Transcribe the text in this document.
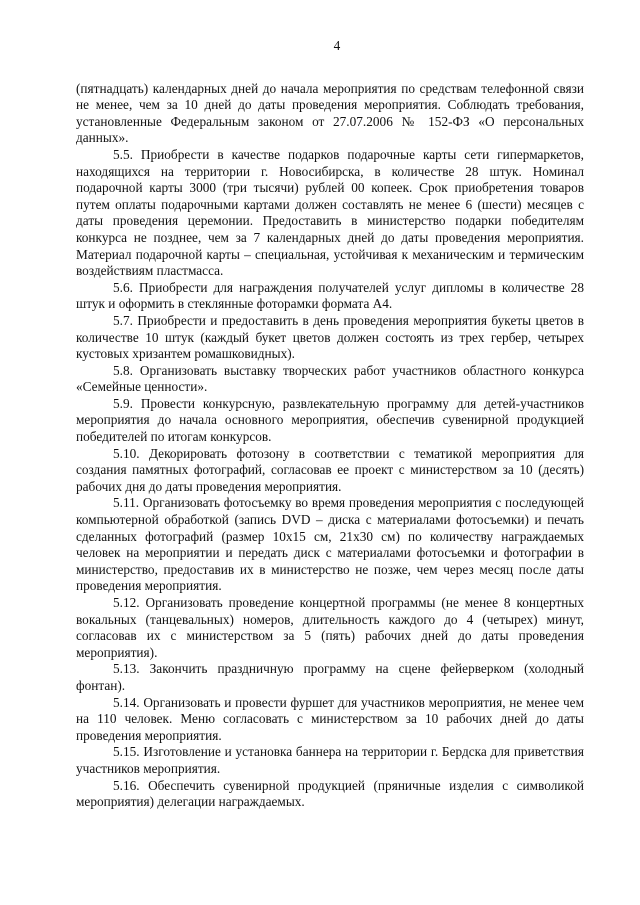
4

(пятнадцать) календарных дней до начала мероприятия по средствам телефонной связи не менее, чем за 10 дней до даты проведения мероприятия. Соблюдать требования, установленные Федеральным законом от 27.07.2006 № 152-ФЗ «О персональных данных».

5.5. Приобрести в качестве подарков подарочные карты сети гипермаркетов, находящихся на территории г. Новосибирска, в количестве 28 штук. Номинал подарочной карты 3000 (три тысячи) рублей 00 копеек. Срок приобретения товаров путем оплаты подарочными картами должен составлять не менее 6 (шести) месяцев с даты проведения церемонии. Предоставить в министерство подарки победителям конкурса не позднее, чем за 7 календарных дней до даты проведения мероприятия. Материал подарочной карты – специальная, устойчивая к механическим и термическим воздействиям пластмасса.

5.6. Приобрести для награждения получателей услуг дипломы в количестве 28 штук и оформить в стеклянные фоторамки формата А4.

5.7. Приобрести и предоставить в день проведения мероприятия букеты цветов в количестве 10 штук (каждый букет цветов должен состоять из трех гербер, четырех кустовых хризантем ромашковидных).

5.8. Организовать выставку творческих работ участников областного конкурса «Семейные ценности».

5.9. Провести конкурсную, развлекательную программу для детей-участников мероприятия до начала основного мероприятия, обеспечив сувенирной продукцией победителей по итогам конкурсов.

5.10. Декорировать фотозону в соответствии с тематикой мероприятия для создания памятных фотографий, согласовав ее проект с министерством за 10 (десять) рабочих дня до даты проведения мероприятия.

5.11. Организовать фотосъемку во время проведения мероприятия с последующей компьютерной обработкой (запись DVD – диска с материалами фотосъемки) и печать сделанных фотографий (размер 10х15 см, 21х30 см) по количеству награждаемых человек на мероприятии и передать диск с материалами фотосъемки и фотографии в министерство, предоставив их в министерство не позже, чем через месяц после даты проведения мероприятия.

5.12. Организовать проведение концертной программы (не менее 8 концертных вокальных (танцевальных) номеров, длительность каждого до 4 (четырех) минут, согласовав их с министерством за 5 (пять) рабочих дней до даты проведения мероприятия).

5.13. Закончить праздничную программу на сцене фейерверком (холодный фонтан).

5.14. Организовать и провести фуршет для участников мероприятия, не менее чем на 110 человек. Меню согласовать с министерством за 10 рабочих дней до даты проведения мероприятия.

5.15. Изготовление и установка баннера на территории г. Бердска для приветствия участников мероприятия.

5.16. Обеспечить сувенирной продукцией (пряничные изделия с символикой мероприятия) делегации награждаемых.
